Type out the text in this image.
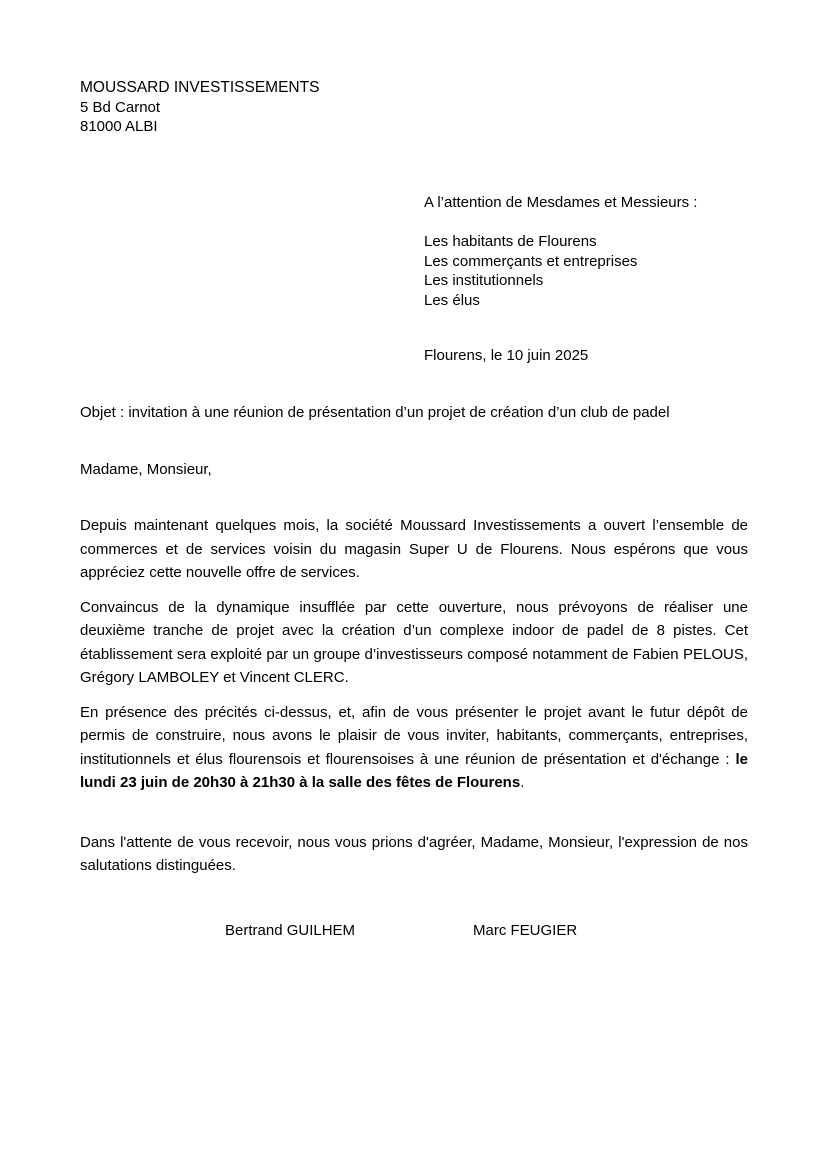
MOUSSARD INVESTISSEMENTS
5 Bd Carnot
81000 ALBI
A l’attention de Mesdames et Messieurs :
Les habitants de Flourens
Les commerçants et entreprises
Les institutionnels
Les élus
Flourens, le 10 juin 2025
Objet : invitation à une réunion de présentation d’un projet de création d’un club de padel
Madame, Monsieur,

Depuis maintenant quelques mois, la société Moussard Investissements a ouvert l’ensemble de commerces et de services voisin du magasin Super U de Flourens. Nous espérons que vous appréciez cette nouvelle offre de services.

Convaincus de la dynamique insufflée par cette ouverture, nous prévoyons de réaliser une deuxième tranche de projet avec la création d’un complexe indoor de padel de 8 pistes. Cet établissement sera exploité par un groupe d’investisseurs composé notamment de Fabien PELOUS, Grégory LAMBOLEY et Vincent CLERC.

En présence des précités ci-dessus, et, afin de vous présenter le projet avant le futur dépôt de permis de construire, nous avons le plaisir de vous inviter, habitants, commerçants, entreprises, institutionnels et élus flourensois et flourensoises à une réunion de présentation et d'échange : le lundi 23 juin de 20h30 à 21h30 à la salle des fêtes de Flourens.

Dans l'attente de vous recevoir, nous vous prions d'agréer, Madame, Monsieur, l'expression de nos salutations distinguées.

Bertrand GUILHEM	Marc FEUGIER
